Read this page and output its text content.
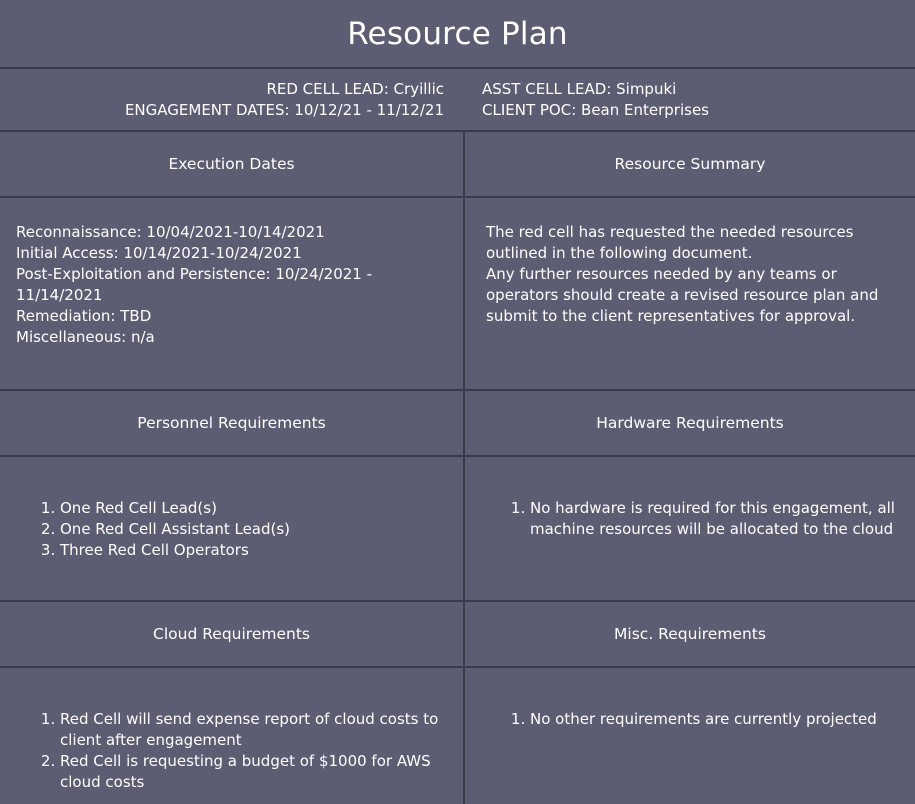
Resource Plan
RED CELL LEAD: Cryillic
ENGAGEMENT DATES: 10/12/21 - 11/12/21
ASST CELL LEAD: Simpuki
CLIENT POC: Bean Enterprises
Execution Dates	Resource Summary
Reconnaissance: 10/04/2021-10/14/2021
Initial Access: 10/14/2021-10/24/2021
Post-Exploitation and Persistence: 10/24/2021 - 11/14/2021
Remediation: TBD
Miscellaneous: n/a
The red cell has requested the needed resources outlined in the following document.
Any further resources needed by any teams or operators should create a revised resource plan and submit to the client representatives for approval.
Personnel Requirements	Hardware Requirements
1. One Red Cell Lead(s)
2. One Red Cell Assistant Lead(s)
3. Three Red Cell Operators
1. No hardware is required for this engagement, all machine resources will be allocated to the cloud
Cloud Requirements	Misc. Requirements
1. Red Cell will send expense report of cloud costs to client after engagement
2. Red Cell is requesting a budget of $1000 for AWS cloud costs
1. No other requirements are currently projected
